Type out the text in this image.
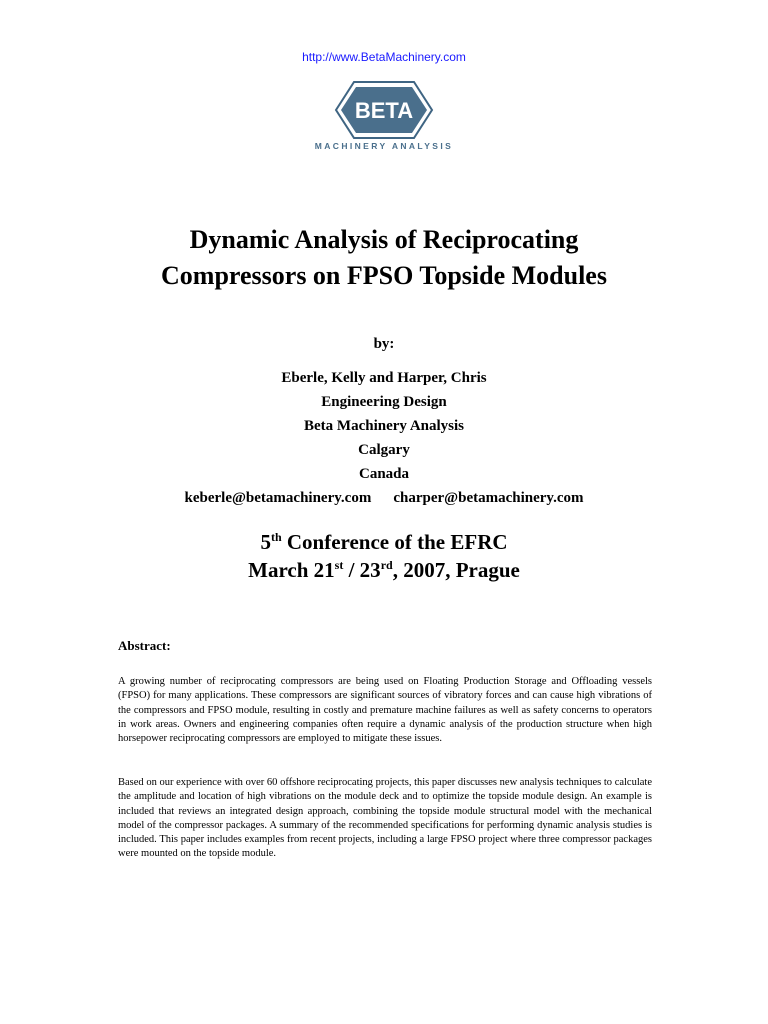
http://www.BetaMachinery.com
BETA
MACHINERY ANALYSIS
Dynamic Analysis of Reciprocating
Compressors on FPSO Topside Modules
by:
Eberle, Kelly and Harper, Chris
Engineering Design
Beta Machinery Analysis
Calgary
Canada
keberle@betamachinery.com charper@betamachinery.com
5th Conference of the EFRC
March 21st / 23rd, 2007, Prague
Abstract:
A growing number of reciprocating compressors are being used on Floating Production Storage and Offloading vessels (FPSO) for many applications. These compressors are significant sources of vibratory forces and can cause high vibrations of the compressors and FPSO module, resulting in costly and premature machine failures as well as safety concerns to operators in work areas. Owners and engineering companies often require a dynamic analysis of the production structure when high horsepower reciprocating compressors are employed to mitigate these issues.
Based on our experience with over 60 offshore reciprocating projects, this paper discusses new analysis techniques to calculate the amplitude and location of high vibrations on the module deck and to optimize the topside module design. An example is included that reviews an integrated design approach, combining the topside module structural model with the mechanical model of the compressor packages. A summary of the recommended specifications for performing dynamic analysis studies is included. This paper includes examples from recent projects, including a large FPSO project where three compressor packages were mounted on the topside module.
